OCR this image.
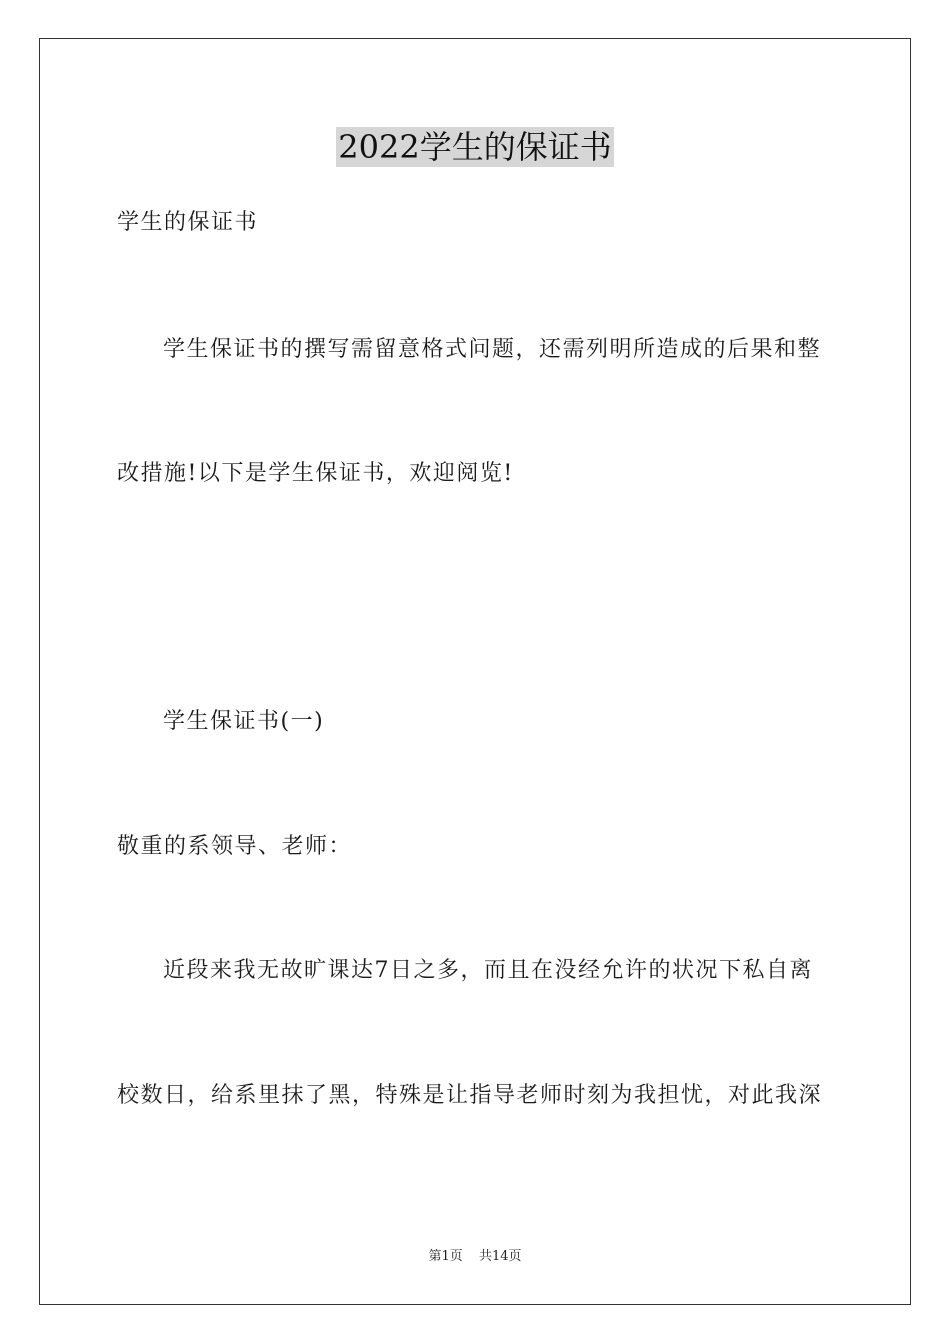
2022学生的保证书
学生的保证书
学生保证书的撰写需留意格式问题，还需列明所造成的后果和整
改措施!以下是学生保证书，欢迎阅览!
学生保证书(一)
敬重的系领导、老师：
近段来我无故旷课达7日之多，而且在没经允许的状况下私自离
校数日，给系里抹了黑，特殊是让指导老师时刻为我担忧，对此我深
第1页 共14页
